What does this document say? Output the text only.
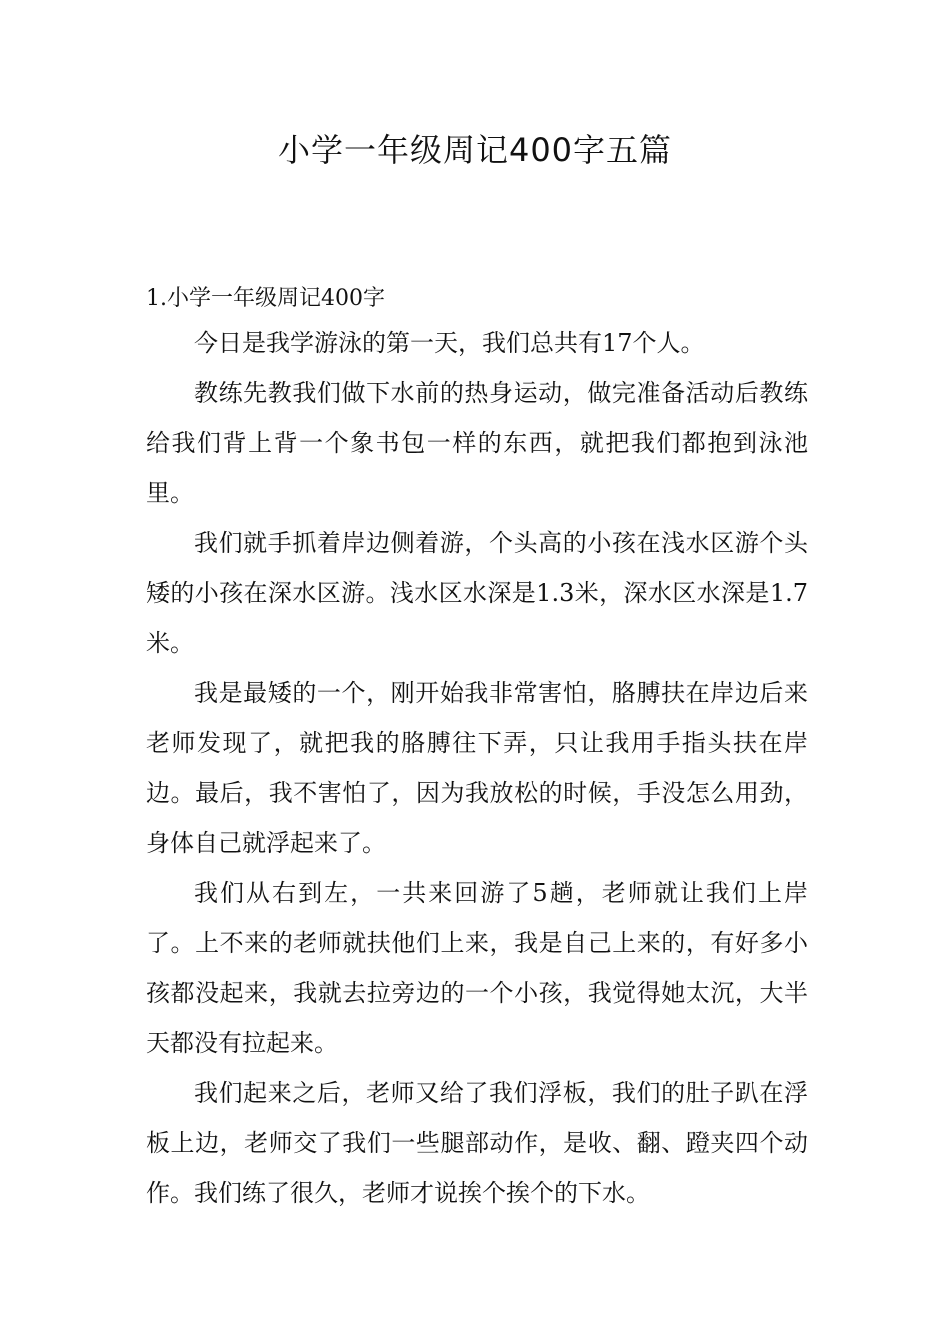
小学一年级周记400字五篇
1.小学一年级周记400字

今日是我学游泳的第一天，我们总共有17个人。

教练先教我们做下水前的热身运动，做完准备活动后教练给我们背上背一个象书包一样的东西，就把我们都抱到泳池里。

我们就手抓着岸边侧着游，个头高的小孩在浅水区游个头矮的小孩在深水区游。浅水区水深是1.3米，深水区水深是1.7米。

我是最矮的一个，刚开始我非常害怕，胳膊扶在岸边后来老师发现了，就把我的胳膊往下弄，只让我用手指头扶在岸边。最后，我不害怕了，因为我放松的时候，手没怎么用劲，身体自己就浮起来了。

我们从右到左，一共来回游了5趟，老师就让我们上岸了。上不来的老师就扶他们上来，我是自己上来的，有好多小孩都没起来，我就去拉旁边的一个小孩，我觉得她太沉，大半天都没有拉起来。

我们起来之后，老师又给了我们浮板，我们的肚子趴在浮板上边，老师交了我们一些腿部动作，是收、翻、蹬夹四个动作。我们练了很久，老师才说挨个挨个的下水。
